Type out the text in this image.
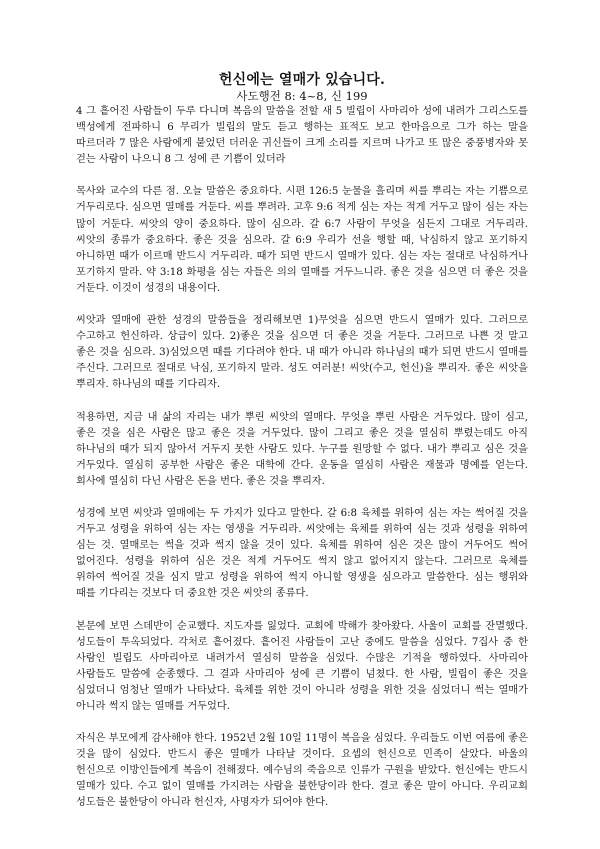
헌신에는 열매가 있습니다.
사도행전 8: 4~8, 신 199

4 그 흩어진 사람들이 두루 다니며 복음의 말씀을 전할 새 5 빌립이 사마리아 성에 내려가 그리스도를 백성에게 전파하니 6 무리가 빌립의 말도 듣고 행하는 표적도 보고 한마음으로 그가 하는 말을 따르더라 7 많은 사람에게 붙었던 더러운 귀신들이 크게 소리를 지르며 나가고 또 많은 중풍병자와 못 걷는 사람이 나으니 8 그 성에 큰 기쁨이 있더라

목사와 교수의 다른 점. 오늘 말씀은 중요하다. 시편 126:5 눈물을 흘리며 씨를 뿌리는 자는 기쁨으로 거두리로다. 심으면 열매를 거둔다. 씨를 뿌려라. 고후 9:6 적게 심는 자는 적게 거두고 많이 심는 자는 많이 거둔다. 씨앗의 양이 중요하다. 많이 심으라. 갈 6:7 사람이 무엇을 심든지 그대로 거두리라. 씨앗의 종류가 중요하다. 좋은 것을 심으라. 갈 6:9 우리가 선을 행할 때, 낙심하지 않고 포기하지 아니하면 때가 이르매 반드시 거두리라. 때가 되면 반드시 열매가 있다. 심는 자는 절대로 낙심하거나 포기하지 말라. 약 3:18 화평을 심는 자들은 의의 열매를 거두느니라. 좋은 것을 심으면 더 좋은 것을 거둔다. 이것이 성경의 내용이다.

씨앗과 열매에 관한 성경의 말씀들을 정리해보면 1)무엇을 심으면 반드시 열매가 있다. 그러므로 수고하고 헌신하라. 상급이 있다. 2)좋은 것을 심으면 더 좋은 것을 거둔다. 그러므로 나쁜 것 말고 좋은 것을 심으라. 3)심었으면 때를 기다려야 한다. 내 때가 아니라 하나님의 때가 되면 반드시 열매를 주신다. 그러므로 절대로 낙심, 포기하지 말라. 성도 여러분! 씨앗(수고, 헌신)을 뿌리자. 좋은 씨앗을 뿌리자. 하나님의 때를 기다리자.

적용하면, 지금 내 삶의 자리는 내가 뿌린 씨앗의 열매다. 무엇을 뿌린 사람은 거두었다. 많이 심고, 좋은 것을 심은 사람은 많고 좋은 것을 거두었다. 많이 그리고 좋은 것을 열심히 뿌렸는데도 아직 하나님의 때가 되지 않아서 거두지 못한 사람도 있다. 누구를 원망할 수 없다. 내가 뿌리고 심은 것을 거두었다. 열심히 공부한 사람은 좋은 대학에 간다. 운동을 열심히 사람은 재물과 명예를 얻는다. 회사에 열심히 다닌 사람은 돈을 번다. 좋은 것을 뿌리자.

성경에 보면 씨앗과 열매에는 두 가지가 있다고 말한다. 갈 6:8 육체를 위하여 심는 자는 썩어질 것을 거두고 성령을 위하여 심는 자는 영생을 거두리라. 씨앗에는 육체를 위하여 심는 것과 성령을 위하여 심는 것. 열매로는 썩을 것과 썩지 않을 것이 있다. 육체를 위하여 심은 것은 많이 거두어도 썩어 없어진다. 성령을 위하여 심은 것은 적게 거두어도 썩지 않고 없어지지 않는다. 그러므로 육체를 위하여 썩어질 것을 심지 말고 성령을 위하여 썩지 아니할 영생을 심으라고 말씀한다. 심는 행위와 때를 기다리는 것보다 더 중요한 것은 씨앗의 종류다.

본문에 보면 스데반이 순교했다. 지도자를 잃었다. 교회에 박해가 찾아왔다. 사울이 교회를 잔멸했다. 성도들이 투옥되었다. 각처로 흩어졌다. 흩어진 사람들이 고난 중에도 말씀을 심었다. 7집사 중 한 사람인 빌립도 사마리아로 내려가서 열심히 말씀을 심었다. 수많은 기적을 행하였다. 사마리아 사람들도 말씀에 순종했다. 그 결과 사마리아 성에 큰 기쁨이 넘쳤다. 한 사람, 빌립이 좋은 것을 심었더니 엄청난 열매가 나타났다. 육체를 위한 것이 아니라 성령을 위한 것을 심었더니 썩는 열매가 아니라 썩지 않는 열매를 거두었다.

자식은 부모에게 감사해야 한다. 1952년 2월 10일 11명이 복음을 심었다. 우리들도 이번 여름에 좋은 것을 많이 심었다. 반드시 좋은 열매가 나타날 것이다. 요셉의 헌신으로 민족이 살았다. 바울의 헌신으로 이방인들에게 복음이 전해졌다. 예수님의 죽음으로 인류가 구원을 받았다. 헌신에는 반드시 열매가 있다. 수고 없이 열매를 가지려는 사람을 불한당이라 한다. 결코 좋은 말이 아니다. 우리교회 성도들은 불한당이 아니라 헌신자, 사명자가 되어야 한다.
